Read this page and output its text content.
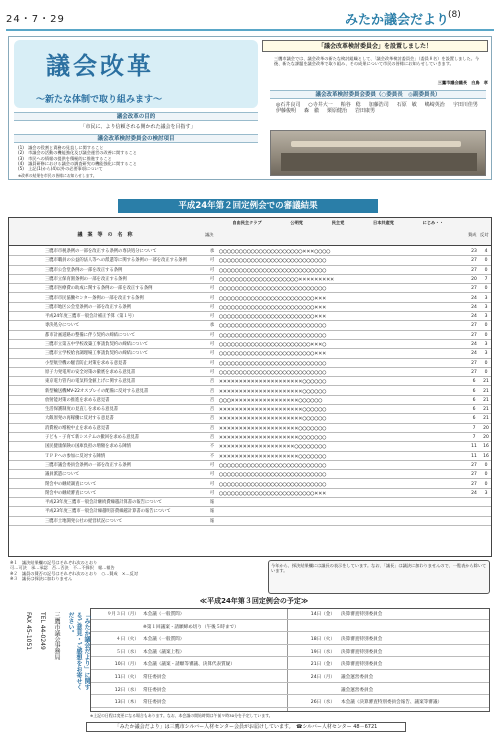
24・7・29	みたか議会だより
(8)
議会改革
～新たな体制で取り組みます～
議会改革の目的
「市民に、より信頼される開かれた議会を目指す」
議会改革検討委員会の検討項目
(1)　議会の役割と責務の見直しに関すること
(2)　市議会の活動の機能強化及び議会運営の改善に関すること
(3)　市民への情報の提供を積極的に推進すること
(4)　議員研修における議会の調査研究の機能強化に関すること
(5)　上記(1)から(4)以外の必要事項について
※改革の結果を市民の皆様にお知らせします。
「議会改革検討委員会」を設置しました！
三鷹市議会では、議会改革の新たな検討組織として、「議会改革検討委員会」（委員８名）を設置しました。今後、新たな課題を議会改革で取り組み、その成果について市民の皆様にお知らせしていきます。
三鷹市議会議長　白鳥　孝
議会改革検討委員会委員（○委員長　◎副委員長）
◎石井良司 ○寺井大一 粕谷　稔 加藤浩司 石原　敏 嶋崎英治 宇田川佳男
伊藤俊明 森　徹 栗原健治 岩田康男
平成24年第２回定例会での審議結果
議　案　等　の　名　称	議決	賛成 反対
自由民主クラブ	公明党	民主党	日本共産党	にじみ・・
三鷹市市税条例の一部を改正する条例の専決処分について	承 ○○○○○○○○○○○○○○○○○○○○○×××○○○○	23	4
三鷹市職員の公益的法人等への派遣等に関する条例の一部を改正する条例	可 ○○○○○○○○○○○○○○○○○○○○○○○○○○○	27	0
三鷹市公会堂条例の一部を改正する条例	可 ○○○○○○○○○○○○○○○○○○○○○○○○○○○	27	0
三鷹市立保育園条例の一部を改正する条例	可 ○○○○○○○○○○○○○○○○○○○○×××××××××	20	7
三鷹市医療費の助成に関する条例の一部を改正する条例	可 ○○○○○○○○○○○○○○○○○○○○○○○○○○○	27	0
三鷹市市民協働センター条例の一部を改正する条例	可 ○○○○○○○○○○○○○○○○○○○○○○○○×××	24	3
三鷹市地区公会堂条例の一部を改正する条例	可 ○○○○○○○○○○○○○○○○○○○○○○○○×××	24	3
平成24年度三鷹市一般会計補正予算（第１号）	可 ○○○○○○○○○○○○○○○○○○○○○○○○×××	24	3
専決処分について	承 ○○○○○○○○○○○○○○○○○○○○○○○○○○○	27	0
都市計画道路の整備に伴う契約の締結について	可 ○○○○○○○○○○○○○○○○○○○○○○○○○○○	27	0
三鷹市立第五中学校改築工事請負契約の締結について	可 ○○○○○○○○○○○○○○○○○○○○○○○×××○	24	3
三鷹市立学校給食調理場工事請負契約の締結について	可 ○○○○○○○○○○○○○○○○○○○○○○○○×××	24	3
小型航空機の騒音防止対策を求める意見書	可 ○○○○○○○○○○○○○○○○○○○○○○○○○○○	27	0
原子力発電所の安全対策の徹底を求める意見書	可 ○○○○○○○○○○○○○○○○○○○○○○○○○○○	27	0
東京電力管内の電気料金値上げに関する意見書	否 ×××××××××××××××××××××○○○○○○	6	21
新型輸送機MV-22オスプレイの配備に反対する意見書	否 ×××××××××××××××××××××○○○○○○	6	21
放射能対策の推進を求める意見書	否 ○○○×××××××××××××××××○○○○○○	6	21
生活保護制度の見直しを求める意見書	否 ×××××××××××××××××××××○○○○○○	6	21
大飯原発の再稼働に反対する意見書	否 ×××××××××××××××××××××○○○○○○	6	21
消費税の増税中止を求める意見書	否 ××××××××××××××××××××○○○○○○○	7	20
子ども・子育て新システムの撤回を求める意見書	否 ××××××××××××××××××××○○○○○○○	7	20
国民健康保険の国庫負担の増額を求める陳情	不 ×××××××××××××××××××○○○○○○○○	11	16
ＴＰＰへの参加に反対する陳情	不 ××××××××××××××××××××○○○○○○○	11	16
三鷹市議会委員会条例の一部を改正する条例	可 ○○○○○○○○○○○○○○○○○○○○○○○○○○○	27	0
議員派遣について	可 ○○○○○○○○○○○○○○○○○○○○○○○○○○○	27	0
閉会中の継続調査について	可 ○○○○○○○○○○○○○○○○○○○○○○○○○○○	27	0
閉会中の継続審査について	可 ○○○○○○○○○○○○○○○○○○○○○○○○×××	24	3
平成23年度三鷹市一般会計継続費繰越計算書の報告について	報
平成23年度三鷹市一般会計繰越明許費繰越計算書の報告について	報
三鷹市土地開発公社の経営状況について	報
※１　議決結果欄の記号はそれぞれ次のとおり
可…可決　承…承認　否…否決　不…不採択　報…報告
※２　議員の賛否の記号はそれぞれ次のとおり　○…賛成　×…反対
※３　議長は採決に加わりません
今年から、採決結果欄には議長の表示をしています。なお、「議長」は議決に加わりませんので、一覧表から除いています。
≪平成24年第３回定例会の予定≫
９月３日（月） 本会議（一般質問）	14日（金） 決算審査特別委員会
※第１回議案・請願締め切り（午後５時まで）
４日（火） 本会議（一般質問）	18日（火） 決算審査特別委員会
５日（水） 本会議（議案上程）	19日（水） 決算審査特別委員会
10日（月） 本会議（議案・請願等審議、決算代表質疑）	21日（金） 決算審査特別委員会
11日（火） 常任委員会	24日（月） 議会運営委員会
12日（水） 常任委員会	議会運営委員会
13日（木） 常任委員会	26日（水） 本会議（決算審査特別委員会報告、議案等審議）
※上記の日程は変更になる場合もあります。なお、本会議の開始時間は午前９時30分を予定しています。
「みたか議会だより」に関するご意見・ご感想をお寄せください。
三鷹市議会事務局
TEL 44-0249
FAX 45-1051
「みたか議会だより」は三鷹市シルバー人材センター会員がお届けしています。　☎シルバー人材センター 48－6721
